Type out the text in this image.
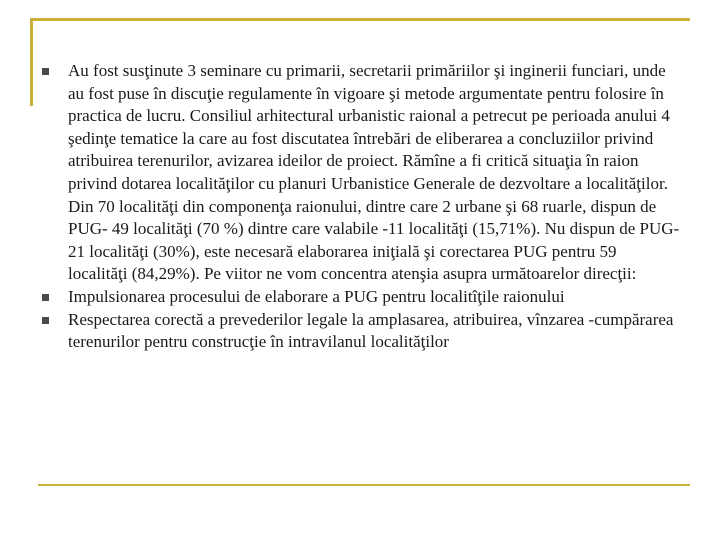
Au fost susţinute 3 seminare cu primarii, secretarii primăriilor şi inginerii funciari, unde au fost puse în discuţie regulamente în vigoare şi metode argumentate pentru folosire în practica de lucru. Consiliul arhitectural urbanistic raional a petrecut pe perioada anului 4 şedinţe tematice la care au fost discutatea întrebări de eliberarea a concluziilor privind atribuirea terenurilor, avizarea ideilor de proiect. Rămîne a fi critică situaţia în raion privind dotarea localităţilor cu planuri Urbanistice Generale de dezvoltare a localităţilor. Din 70 localităţi din componenţa raionului, dintre care 2 urbane şi 68 ruarle, dispun de PUG- 49 localităţi (70 %) dintre care valabile -11 localităţi (15,71%). Nu dispun de PUG- 21 localităţi (30%), este necesară elaborarea iniţială şi corectarea PUG pentru 59 localităţi (84,29%). Pe viitor ne vom concentra atenşia asupra următoarelor direcţii:
Impulsionarea procesului de elaborare a PUG pentru localitîţile raionului
Respectarea corectă a prevederilor legale la amplasarea, atribuirea, vînzarea -cumpărarea terenurilor pentru construcţie în intravilanul localităţilor
